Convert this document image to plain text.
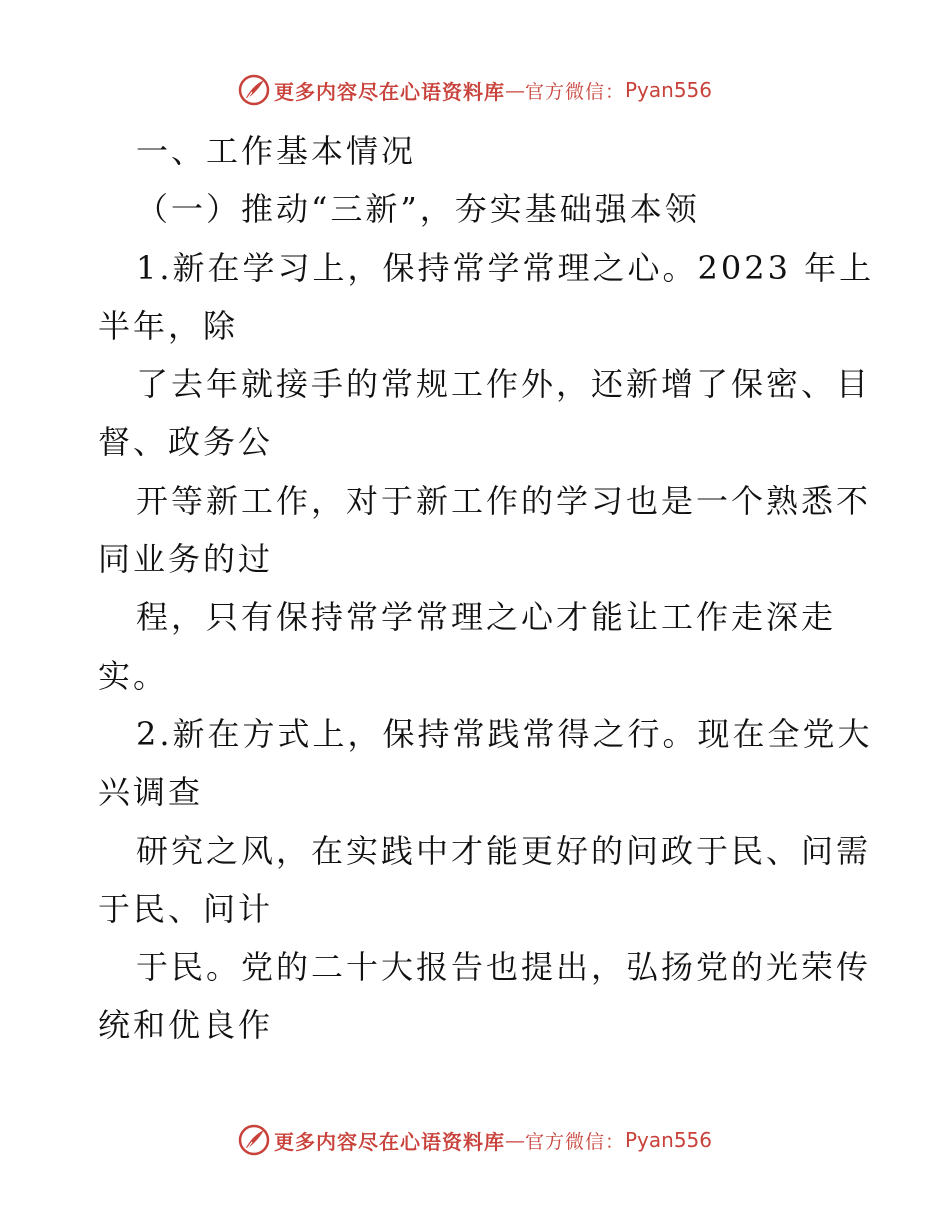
更多内容尽在心语资料库 — 官方微信： Pyan556
一、工作基本情况
（一）推动“三新”，夯实基础强本领
1.新在学习上，保持常学常理之心。2023 年上
半年，除
了去年就接手的常规工作外，还新增了保密、目
督、政务公
开等新工作，对于新工作的学习也是一个熟悉不
同业务的过
程，只有保持常学常理之心才能让工作走深走
实。
2.新在方式上，保持常践常得之行。现在全党大
兴调查
研究之风，在实践中才能更好的问政于民、问需
于民、问计
于民。党的二十大报告也提出，弘扬党的光荣传
统和优良作
更多内容尽在心语资料库 — 官方微信： Pyan556
